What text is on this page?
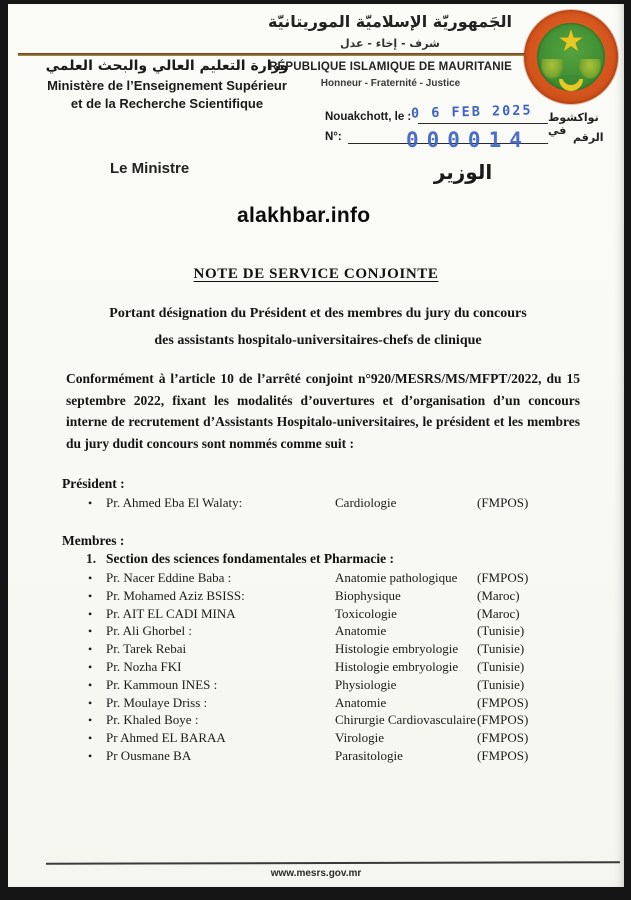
الجَمهوريّة الإسلاميّة الموريتانيّة
شرف - إخاء - عدل	★
وزارة التعليم العالي والبحث العلمي
Ministère de l’Enseignement Supérieur
et de la Recherche Scientifique
RÉPUBLIQUE ISLAMIQUE DE MAURITANIE
Honneur - Fraternité - Justice
Nouakchott, le : 0 6 FEB 2025 نواكشوط في
N°:	000014	الرقم
Le Ministre	الوزير
alakhbar.info
NOTE DE SERVICE CONJOINTE
Portant désignation du Président et des membres du jury du concours
des assistants hospitalo-universitaires-chefs de clinique
Conformément à l’article 10 de l’arrêté conjoint n°920/MESRS/MS/MFPT/2022, du 15 septembre 2022, fixant les modalités d’ouvertures et d’organisation d’un concours interne de recrutement d’Assistants Hospitalo-universitaires, le président et les membres du jury dudit concours sont nommés comme suit :
Président :
•	Pr. Ahmed Eba El Walaty:	Cardiologie	(FMPOS)
Membres :
1. Section des sciences fondamentales et Pharmacie :
•	Pr. Nacer Eddine Baba :	Anatomie pathologique	(FMPOS)
•	Pr. Mohamed Aziz BSISS:	Biophysique	(Maroc)
•	Pr. AIT EL CADI MINA	Toxicologie	(Maroc)
•	Pr. Ali Ghorbel :	Anatomie	(Tunisie)
•	Pr. Tarek Rebai	Histologie embryologie	(Tunisie)
•	Pr. Nozha FKI	Histologie embryologie	(Tunisie)
•	Pr. Kammoun INES :	Physiologie	(Tunisie)
•	Pr. Moulaye Driss :	Anatomie	(FMPOS)
•	Pr. Khaled Boye :	Chirurgie Cardiovasculaire (FMPOS)
•	Pr Ahmed EL BARAA	Virologie	(FMPOS)
•	Pr Ousmane BA	Parasitologie	(FMPOS)
www.mesrs.gov.mr
